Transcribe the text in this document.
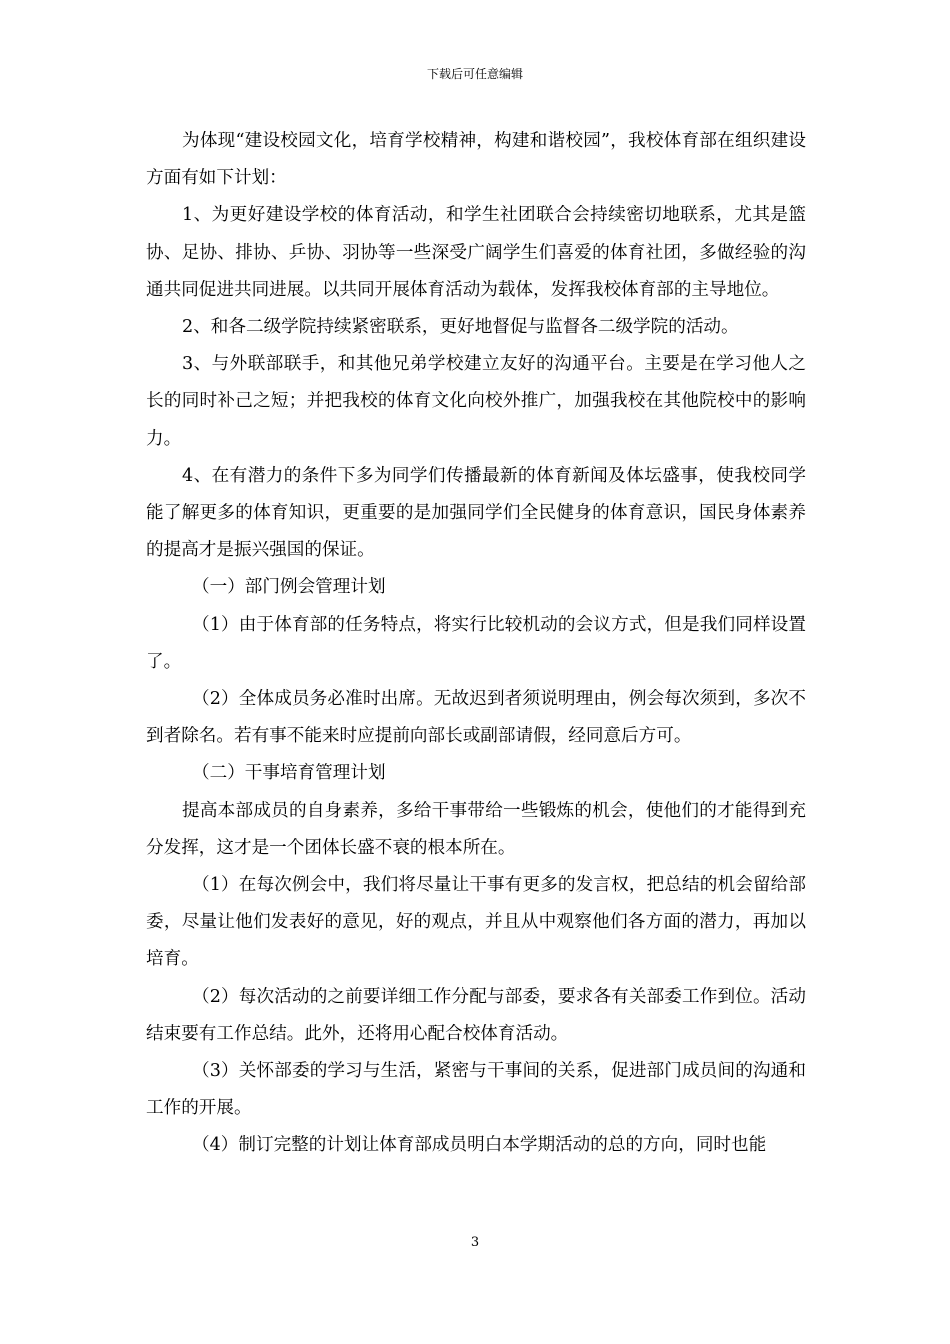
下载后可任意编辑

为体现“建设校园文化，培育学校精神，构建和谐校园”，我校体育部在组织建设方面有如下计划：

1、为更好建设学校的体育活动，和学生社团联合会持续密切地联系，尤其是篮协、足协、排协、乒协、羽协等一些深受广阔学生们喜爱的体育社团，多做经验的沟通共同促进共同进展。以共同开展体育活动为载体，发挥我校体育部的主导地位。

2、和各二级学院持续紧密联系，更好地督促与监督各二级学院的活动。

3、与外联部联手，和其他兄弟学校建立友好的沟通平台。主要是在学习他人之长的同时补己之短；并把我校的体育文化向校外推广，加强我校在其他院校中的影响力。

4、在有潜力的条件下多为同学们传播最新的体育新闻及体坛盛事，使我校同学能了解更多的体育知识，更重要的是加强同学们全民健身的体育意识，国民身体素养的提高才是振兴强国的保证。

（一）部门例会管理计划

（1）由于体育部的任务特点，将实行比较机动的会议方式，但是我们同样设置了。

（2）全体成员务必准时出席。无故迟到者须说明理由，例会每次须到，多次不到者除名。若有事不能来时应提前向部长或副部请假，经同意后方可。

（二）干事培育管理计划

提高本部成员的自身素养，多给干事带给一些锻炼的机会，使他们的才能得到充分发挥，这才是一个团体长盛不衰的根本所在。

（1）在每次例会中，我们将尽量让干事有更多的发言权，把总结的机会留给部委，尽量让他们发表好的意见，好的观点，并且从中观察他们各方面的潜力，再加以培育。

（2）每次活动的之前要详细工作分配与部委，要求各有关部委工作到位。活动结束要有工作总结。此外，还将用心配合校体育活动。

（3）关怀部委的学习与生活，紧密与干事间的关系，促进部门成员间的沟通和工作的开展。

（4）制订完整的计划让体育部成员明白本学期活动的总的方向，同时也能

3
